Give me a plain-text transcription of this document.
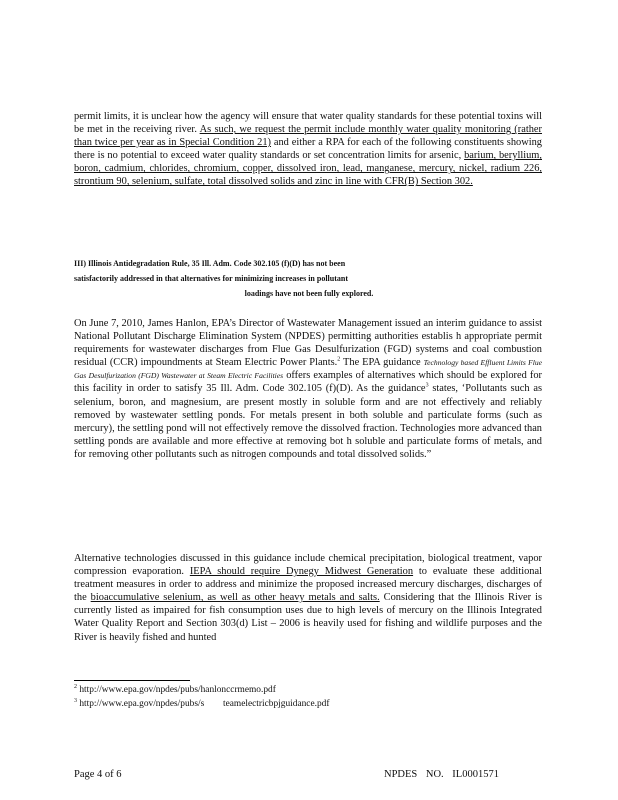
permit limits, it is unclear how the agency will ensure that water quality standards for these potential toxins will be met in the receiving river. As such, we request the permit include monthly water quality monitoring (rather than twice per year as in Special Condition 21) and either a RPA for each of the following constituents showing there is no potential to exceed water quality standards or set concentration limits for arsenic, barium, beryllium, boron, cadmium, chlorides, chromium, copper, dissolved iron, lead, manganese, mercury, nickel, radium 226, strontium 90, selenium, sulfate, total dissolved solids and zinc in line with CFR(B) Section 302.

III) Illinois Antidegradation Rule, 35 Ill. Adm. Code 302.105 (f)(D) has not been
satisfactorily addressed in that alternatives for minimizing increases in pollutant

loadings have not been fully explored.

On June 7, 2010, James Hanlon, EPA’s Director of Wastewater Management issued an interim guidance to assist National Pollutant Discharge Elimination System (NPDES) permitting authorities establis h appropriate permit requirements for wastewater discharges from Flue Gas Desulfurization (FGD) systems and coal combustion residual (CCR) impoundments at Steam Electric Power Plants.$^2$ The EPA guidance Technology based Effluent Limits Flue Gas Desulfurization (FGD) Wastewater at Steam Electric Facilities offers examples of alternatives which should be explored for this facility in order to satisfy 35 Ill. Adm. Code 302.105 (f)(D). As the guidance$^3$ states, ‘Pollutants such as selenium, boron, and magnesium, are present mostly in soluble form and are not effectively and reliably removed by wastewater settling ponds. For metals present in both soluble and particulate forms (such as mercury), the settling pond will not effectively remove the dissolved fraction. Technologies more advanced than settling ponds are available and more effective at removing bot h soluble and particulate forms of metals, and for removing other pollutants such as nitrogen compounds and total dissolved solids.”

Alternative technologies discussed in this guidance include chemical precipitation, biological treatment, vapor compression evaporation. IEPA should require Dynegy Midwest Generation to evaluate these additional treatment measures in order to address and minimize the proposed increased mercury discharges, discharges of the bioaccumulative selenium, as well as other heavy metals and salts. Considering that the Illinois River is currently listed as impaired for fish consumption uses due to high levels of mercury on the Illinois Integrated Water Quality Report and Section 303(d) List – 2006 is heavily used for fishing and wildlife purposes and the River is heavily fished and hunted

$^2$ http://www.epa.gov/npdes/pubs/hanlonccrmemo.pdf

$^3$ http://www.epa.gov/npdes/pubs/s        teamelectricbpjguidance.pdf

Page 4 of 6	NPDES NO. IL0001571
